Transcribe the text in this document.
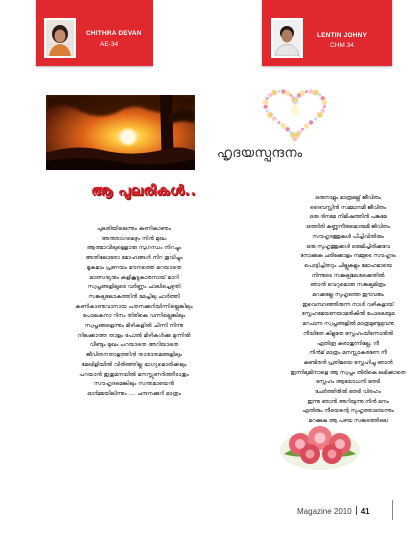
CHITHRA DEVAN
AE-34
LENTIN JOHNY
CHM 34
ആ പൂലരികൾ..
പുലരിയിലെന്നും കണികാണും
അനുരാഗമെഴും നിൻ മുഖം
ആത്മാവിലുള്ളൊരു സുഗന്ധം നിറച്ചും
അതിലോരോ മോഹങ്ങൾ നിറ തൂവിച്ചും
മൂകമാം പ്രണയം മൗനത്തെ മറയാതെ
മാത്സര്യരും കളികൂട്ടുകാരനായ് മാറി
സ്വപ്നങ്ങളിലൂടെ വർണ്ണം ചാലിച്ചെഴുതി
സങ്കല്പലോകത്തിൻ മേച്ചിലു ചാർത്തി
കണികാണുവാനായ പതനക്കുറിയിന്നില്ലെങ്കിലും
പോലകനാ റിനം തിരികെ വന്നില്ലെങ്കിലും
സ്വപ്നങ്ങളെന്നും മിഴികളിൽ ചിന്നി നിന്നു
നിലക്കാത്ത താളം പോൽ മിഴികൾക്കു മുന്നിൽ
വീണ്ടും മുഖം പറയാതെ അറിയാതെ
ജീവിതനതാളത്തിൻ താരാതമങ്ങളിലും
മേഖിളിയിൽ വിരിഞ്ഞില്ല ഭാഗ്യമൊരിക്കലും
പറയാൻ ഇതുമനയിൽ മനസ്സുണർത്തീടാതും
സൗഹൃദമെങ്കിലും സന്തമായെൻ
ഓർമ്മയിലിന്നും .... ചന്ദനക്കുറി മാത്രം
ഹൃദയസ്പന്ദനം
ഒരുനാളും മാത്രമല്ല് ജീവിതം
ദൈവസ്സിൻ സമ്മാനമീ ജീവിതം
ഒരു ദിനമേ നിമിഷത്തിൻ പങ്കമേ
ഒത്തിരി കണ്ണുനീരുമൊരുമീ ജീവിതം
സൗഹൃദത്തുകൾ പിച്ചിവിതിരും
ഒരു സുഹൃത്തുക്കൾ ഒരുമിച്ചിരിക്കവേ
നോക്കുക ചരിക്കോളം നമ്മുടെ സൗഹൃദം
പൊട്ടിച്ചിതറും ചില്ലുകളും മോഹമായെ
നിന്നുടെ സങ്കല്പമേശക്കെതിൽ
ഞാൻ വെറുമൊരു സങ്കല്പമിത്രം
മറക്കല്ലേ സുഹൃത്തെ ഈവരും
ഇവെമ്പറഞ്ഞിരുന്ന നാൾ വഴികളായ്
സ്നേഹമേയണയാമരികിൽ പോലെയുമ
മറഫന്ന സ്വപ്നങ്ങളിൽ മാത്രമുണ്ടുമുവനു
നീയിതേ കിളുതേ സ്നേഹംയിന്നോരിൽ
ഏതിരൂ കരാതുന്നില്ലേ, നീ
നിൻമ് മാത്രം മനസ്സാകരണേ നീ
കണ്ടിരൻ പ്രതിമയെ സ്നേഹിച്ചു ഞാൻ
ഇന്നിലുമിനാളെ ആ സ്വപ്നം തിരികെ ലഭിക്കാതെ
സ്നേഹം ആയോധനി തേടി
ചേർത്തിരിൽ തേടി വിരഹം
ഇന്നു ഞാൻ അറിയുന്നു നിൻ മനം
എതിരും നീയെന്റെ സുഹൃത്തായെന്നും
മറക്കുക ആ പഴയ സങ്കടത്തിലെ
Magazine 2010 41
